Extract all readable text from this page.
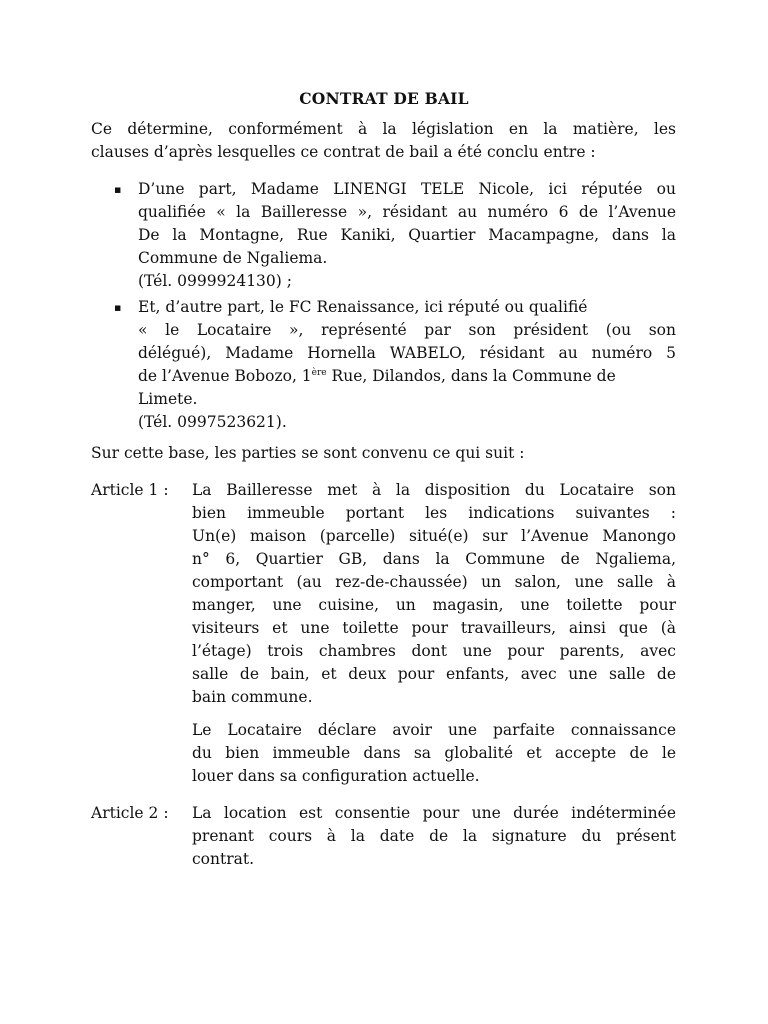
CONTRAT DE BAIL
Ce détermine, conformément à la législation en la matière, les
clauses d’après lesquelles ce contrat de bail a été conclu entre :
▪ D’une part, Madame LINENGI TELE Nicole, ici réputée ou
qualifiée « la Bailleresse », résidant au numéro 6 de l’Avenue
De la Montagne, Rue Kaniki, Quartier Macampagne, dans la
Commune de Ngaliema.
(Tél. 0999924130) ;
▪ Et, d’autre part, le FC Renaissance, ici réputé ou qualifié
« le Locataire », représenté par son président (ou son
délégué), Madame Hornella WABELO, résidant au numéro 5
de l’Avenue Bobozo, 1ère Rue, Dilandos, dans la Commune de
Limete.
(Tél. 0997523621).
Sur cette base, les parties se sont convenu ce qui suit :
Article 1 : La Bailleresse met à la disposition du Locataire son
bien immeuble portant les indications suivantes :
Un(e) maison (parcelle) situé(e) sur l’Avenue Manongo
n° 6, Quartier GB, dans la Commune de Ngaliema,
comportant (au rez-de-chaussée) un salon, une salle à
manger, une cuisine, un magasin, une toilette pour
visiteurs et une toilette pour travailleurs, ainsi que (à
l’étage) trois chambres dont une pour parents, avec
salle de bain, et deux pour enfants, avec une salle de
bain commune.
Le Locataire déclare avoir une parfaite connaissance
du bien immeuble dans sa globalité et accepte de le
louer dans sa configuration actuelle.
Article 2 : La location est consentie pour une durée indéterminée
prenant cours à la date de la signature du présent
contrat.
